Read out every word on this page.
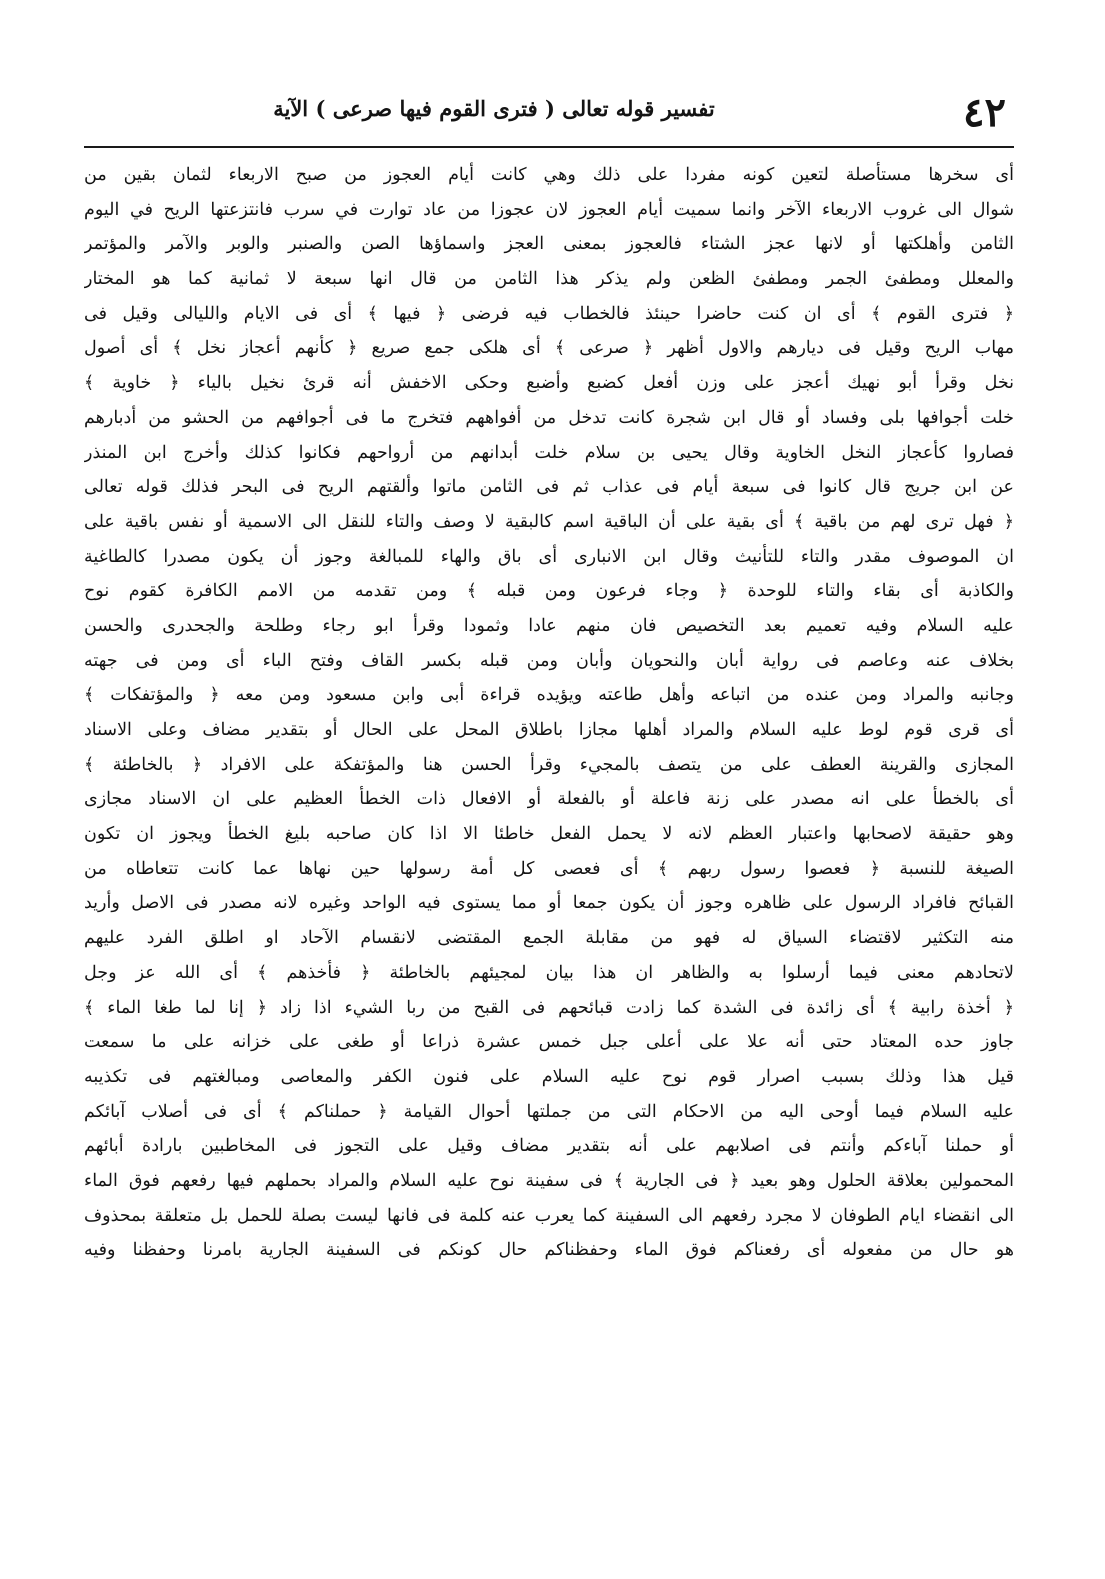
٤٢
تفسير قوله تعالى ( فترى القوم فيها صرعى ) الآية
أى سخرها مستأصلة لتعين كونه مفردا على ذلك وهي كانت أيام العجوز من صبح الاربعاء لثمان بقين من
شوال الى غروب الاربعاء الآخر وانما سميت أيام العجوز لان عجوزا من عاد توارت في سرب فانتزعتها الريح في اليوم
الثامن وأهلكتها أو لانها عجز الشتاء فالعجوز بمعنى العجز واسماؤها الصن والصنبر والوبر والآمر والمؤتمر
والمعلل ومطفئ الجمر ومطفئ الظعن ولم يذكر هذا الثامن من قال انها سبعة لا ثمانية كما هو المختار
﴿ فترى القوم ﴾ أى ان كنت حاضرا حينئذ فالخطاب فيه فرضى ﴿ فيها ﴾ أى فى الايام والليالى وقيل فى
مهاب الريح وقيل فى ديارهم والاول أظهر ﴿ صرعى ﴾ أى هلكى جمع صريع ﴿ كأنهم أعجاز نخل ﴾ أى أصول
نخل وقرأ أبو نهيك أعجز على وزن أفعل كضبع وأضبع وحكى الاخفش أنه قرئ نخيل بالياء ﴿ خاوية ﴾
خلت أجوافها بلى وفساد أو قال ابن شجرة كانت تدخل من أفواههم فتخرج ما فى أجوافهم من الحشو من أدبارهم
فصاروا كأعجاز النخل الخاوية وقال يحيى بن سلام خلت أبدانهم من أرواحهم فكانوا كذلك وأخرج ابن المنذر
عن ابن جريج قال كانوا فى سبعة أيام فى عذاب ثم فى الثامن ماتوا وألقتهم الريح فى البحر فذلك قوله تعالى
﴿ فهل ترى لهم من باقية ﴾ أى بقية على أن الباقية اسم كالبقية لا وصف والتاء للنقل الى الاسمية أو نفس باقية على
ان الموصوف مقدر والتاء للتأنيث وقال ابن الانبارى أى باق والهاء للمبالغة وجوز أن يكون مصدرا كالطاغية
والكاذبة أى بقاء والتاء للوحدة ﴿ وجاء فرعون ومن قبله ﴾ ومن تقدمه من الامم الكافرة كقوم نوح
عليه السلام وفيه تعميم بعد التخصيص فان منهم عادا وثمودا وقرأ ابو رجاء وطلحة والجحدرى والحسن
بخلاف عنه وعاصم فى رواية أبان والنحويان وأبان ومن قبله بكسر القاف وفتح الباء أى ومن فى جهته
وجانبه والمراد ومن عنده من اتباعه وأهل طاعته ويؤيده قراءة أبى وابن مسعود ومن معه ﴿ والمؤتفكات ﴾
أى قرى قوم لوط عليه السلام والمراد أهلها مجازا باطلاق المحل على الحال أو بتقدير مضاف وعلى الاسناد
المجازى والقرينة العطف على من يتصف بالمجيء وقرأ الحسن هنا والمؤتفكة على الافراد ﴿ بالخاطئة ﴾
أى بالخطأ على انه مصدر على زنة فاعلة أو بالفعلة أو الافعال ذات الخطأ العظيم على ان الاسناد مجازى
وهو حقيقة لاصحابها واعتبار العظم لانه لا يحمل الفعل خاطئا الا اذا كان صاحبه بليغ الخطأ ويجوز ان تكون
الصيغة للنسبة ﴿ فعصوا رسول ربهم ﴾ أى فعصى كل أمة رسولها حين نهاها عما كانت تتعاطاه من
القبائح فافراد الرسول على ظاهره وجوز أن يكون جمعا أو مما يستوى فيه الواحد وغيره لانه مصدر فى الاصل وأريد
منه التكثير لاقتضاء السياق له فهو من مقابلة الجمع المقتضى لانقسام الآحاد او اطلق الفرد عليهم
لاتحادهم معنى فيما أرسلوا به والظاهر ان هذا بيان لمجيئهم بالخاطئة ﴿ فأخذهم ﴾ أى الله عز وجل
﴿ أخذة رابية ﴾ أى زائدة فى الشدة كما زادت قبائحهم فى القبح من ربا الشيء اذا زاد ﴿ إنا لما طغا الماء ﴾
جاوز حده المعتاد حتى أنه علا على أعلى جبل خمس عشرة ذراعا أو طغى على خزانه على ما سمعت
قيل هذا وذلك بسبب اصرار قوم نوح عليه السلام على فنون الكفر والمعاصى ومبالغتهم فى تكذيبه
عليه السلام فيما أوحى اليه من الاحكام التى من جملتها أحوال القيامة ﴿ حملناكم ﴾ أى فى أصلاب آبائكم
أو حملنا آباءكم وأنتم فى اصلابهم على أنه بتقدير مضاف وقيل على التجوز فى المخاطبين بارادة أبائهم
المحمولين بعلاقة الحلول وهو بعيد ﴿ فى الجارية ﴾ فى سفينة نوح عليه السلام والمراد بحملهم فيها رفعهم فوق الماء
الى انقضاء ايام الطوفان لا مجرد رفعهم الى السفينة كما يعرب عنه كلمة فى فانها ليست بصلة للحمل بل متعلقة بمحذوف
هو حال من مفعوله أى رفعناكم فوق الماء وحفظناكم حال كونكم فى السفينة الجارية بامرنا وحفظنا وفيه
